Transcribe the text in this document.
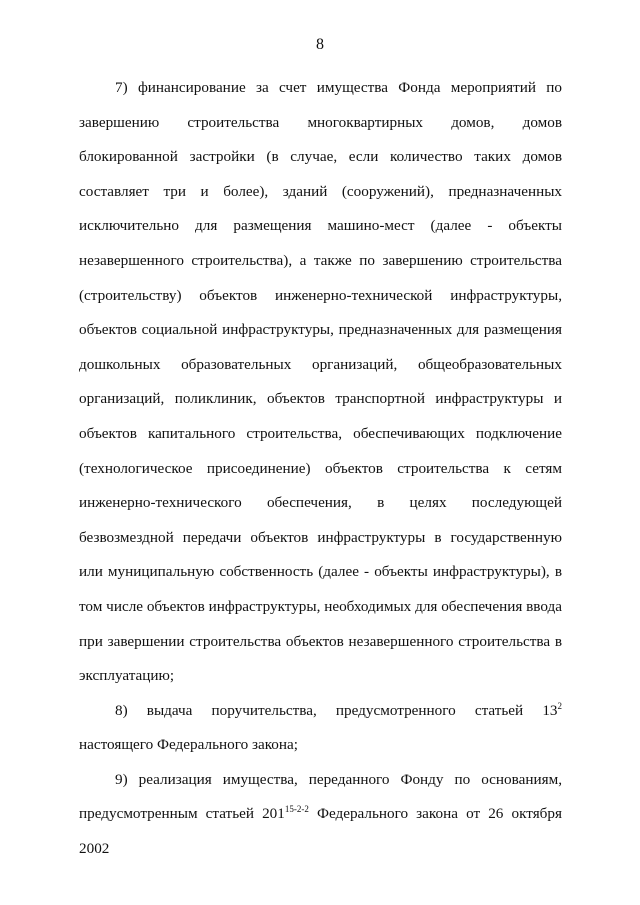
8

7) финансирование за счет имущества Фонда мероприятий по завершению строительства многоквартирных домов, домов блокированной застройки (в случае, если количество таких домов составляет три и более), зданий (сооружений), предназначенных исключительно для размещения машино-мест (далее - объекты незавершенного строительства), а также по завершению строительства (строительству) объектов инженерно-технической инфраструктуры, объектов социальной инфраструктуры, предназначенных для размещения дошкольных образовательных организаций, общеобразовательных организаций, поликлиник, объектов транспортной инфраструктуры и объектов капитального строительства, обеспечивающих подключение (технологическое присоединение) объектов строительства к сетям инженерно-технического обеспечения, в целях последующей безвозмездной передачи объектов инфраструктуры в государственную или муниципальную собственность (далее - объекты инфраструктуры), в том числе объектов инфраструктуры, необходимых для обеспечения ввода при завершении строительства объектов незавершенного строительства в эксплуатацию;

8) выдача поручительства, предусмотренного статьей $13^2$ настоящего Федерального закона;

9) реализация имущества, переданного Фонду по основаниям, предусмотренным статьей 201$^{15-2-2}$ Федерального закона от 26 октября 2002
